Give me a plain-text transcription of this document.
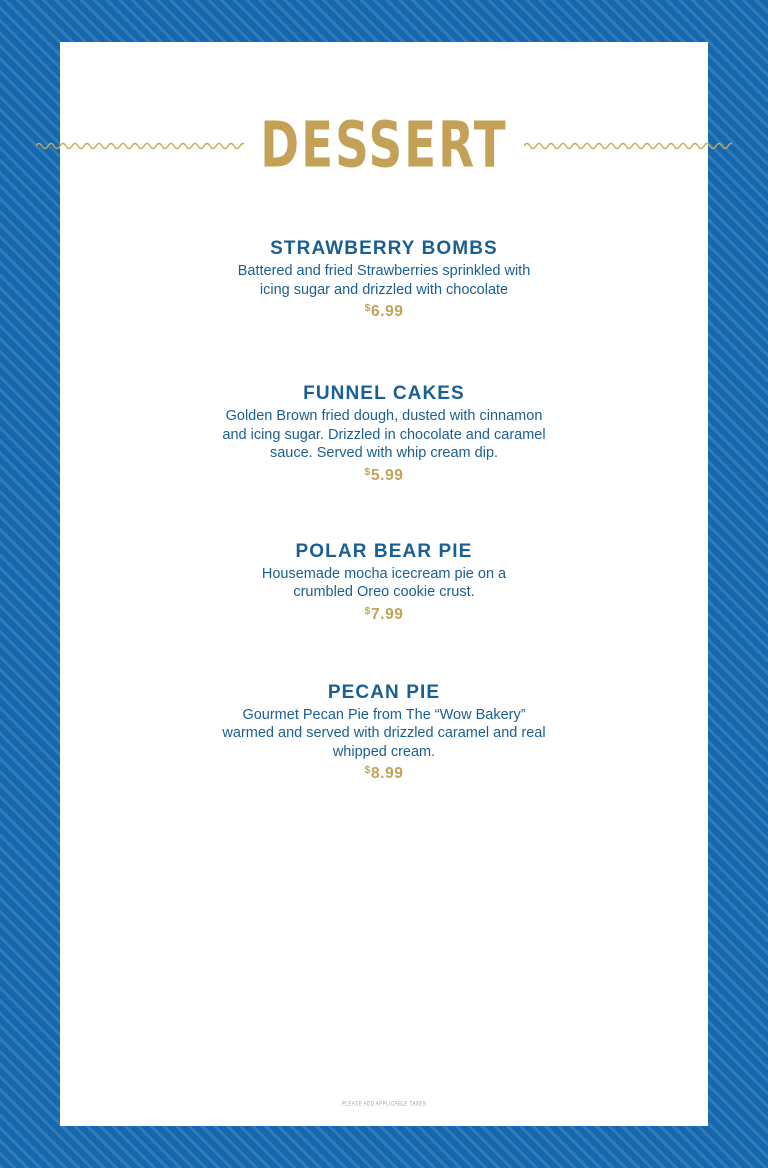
DESSERT
STRAWBERRY BOMBS
Battered and fried Strawberries sprinkled with icing sugar and drizzled with chocolate
$6.99
FUNNEL CAKES
Golden Brown fried dough, dusted with cinnamon and icing sugar. Drizzled in chocolate and caramel sauce. Served with whip cream dip.
$5.99
POLAR BEAR PIE
Housemade mocha icecream pie on a crumbled Oreo cookie crust.
$7.99
PECAN PIE
Gourmet Pecan Pie from The “Wow Bakery” warmed and served with drizzled caramel and real whipped cream.
$8.99
PLEASE ADD APPLICABLE TAXES
